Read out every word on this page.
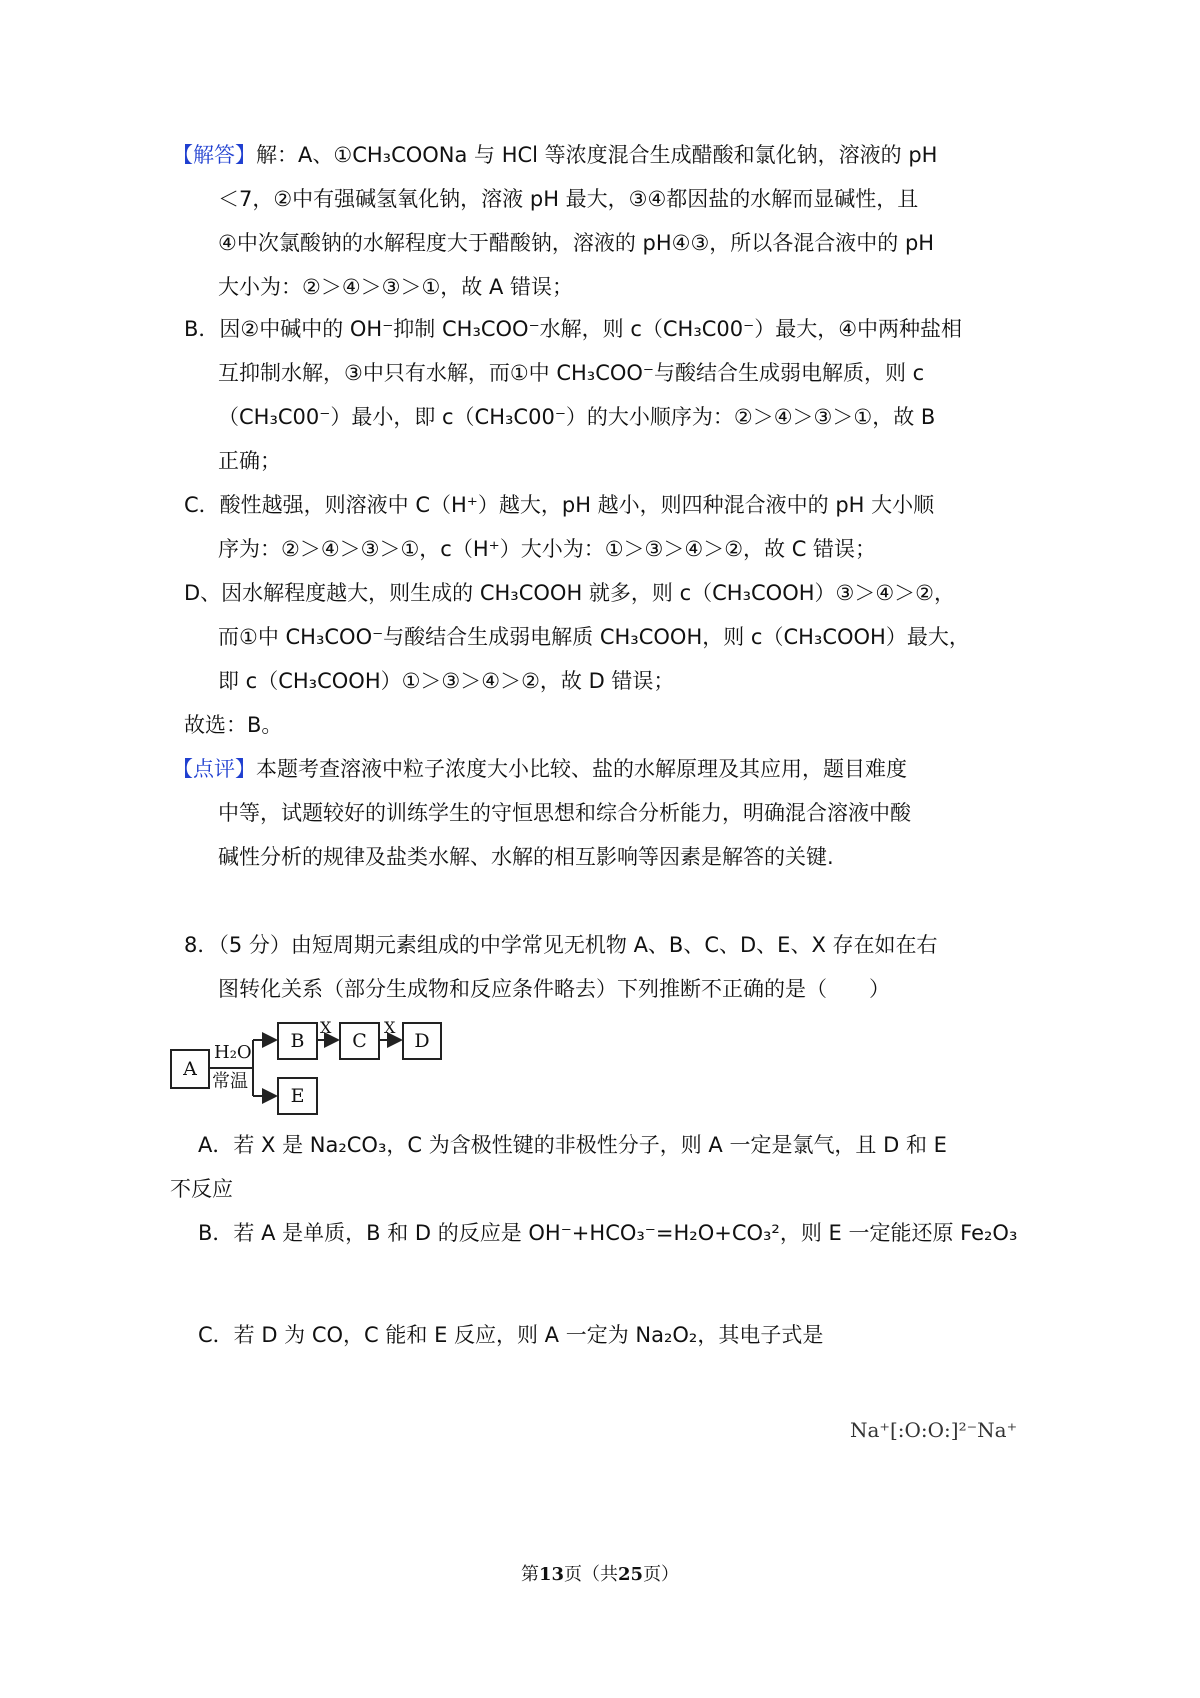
【解答】解：A、①CH₃COONa 与 HCl 等浓度混合生成醋酸和氯化钠，溶液的 pH
＜7，②中有强碱氢氧化钠，溶液 pH 最大，③④都因盐的水解而显碱性，且
④中次氯酸钠的水解程度大于醋酸钠，溶液的 pH④③，所以各混合液中的 pH
大小为：②＞④＞③＞①，故 A 错误；
B．因②中碱中的 OH⁻抑制 CH₃COO⁻水解，则 c（CH₃C00⁻）最大，④中两种盐相
互抑制水解，③中只有水解，而①中 CH₃COO⁻与酸结合生成弱电解质，则 c
（CH₃C00⁻）最小，即 c（CH₃C00⁻）的大小顺序为：②＞④＞③＞①，故 B
正确；
C．酸性越强，则溶液中 C（H⁺）越大，pH 越小，则四种混合液中的 pH 大小顺
序为：②＞④＞③＞①，c（H⁺）大小为：①＞③＞④＞②，故 C 错误；
D、因水解程度越大，则生成的 CH₃COOH 就多，则 c（CH₃COOH）③＞④＞②，
而①中 CH₃COO⁻与酸结合生成弱电解质 CH₃COOH，则 c（CH₃COOH）最大，
即 c（CH₃COOH）①＞③＞④＞②，故 D 错误；
故选：B。
【点评】本题考查溶液中粒子浓度大小比较、盐的水解原理及其应用，题目难度
中等，试题较好的训练学生的守恒思想和综合分析能力，明确混合溶液中酸
碱性分析的规律及盐类水解、水解的相互影响等因素是解答的关键.
8．（5 分）由短周期元素组成的中学常见无机物 A、B、C、D、E、X 存在如在右
图转化关系（部分生成物和反应条件略去）下列推断不正确的是（　　）
A
B	C	D
E
H₂O
常温
X	X
A．若 X 是 Na₂CO₃，C 为含极性键的非极性分子，则 A 一定是氯气，且 D 和 E
不反应
B．若 A 是单质，B 和 D 的反应是 OH⁻+HCO₃⁻=H₂O+CO₃²，则 E 一定能还原 Fe₂O₃
C．若 D 为 CO，C 能和 E 反应，则 A 一定为 Na₂O₂，其电子式是
Na⁺[:O:O:]²⁻Na⁺
第13页（共25页）
